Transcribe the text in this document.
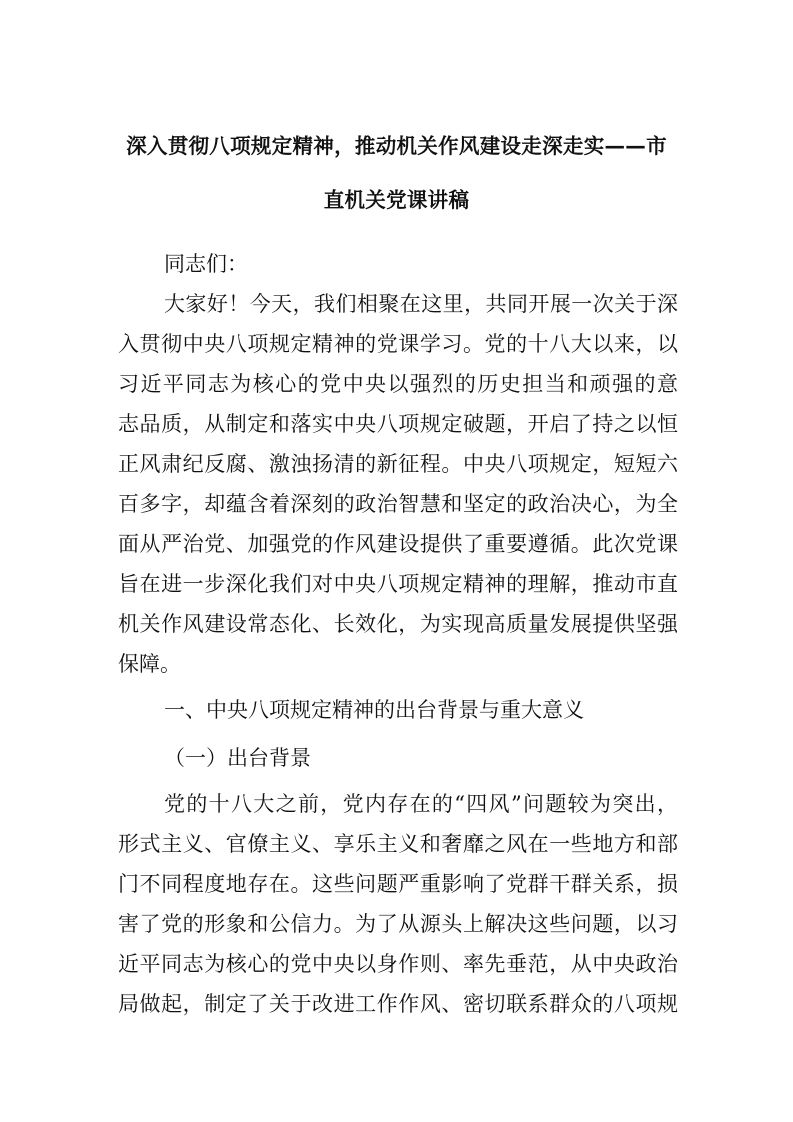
深入贯彻八项规定精神，推动机关作风建设走深走实——市
直机关党课讲稿
同志们：
大家好！今天，我们相聚在这里，共同开展一次关于深
入贯彻中央八项规定精神的党课学习。党的十八大以来，以
习近平同志为核心的党中央以强烈的历史担当和顽强的意
志品质，从制定和落实中央八项规定破题，开启了持之以恒
正风肃纪反腐、激浊扬清的新征程。中央八项规定，短短六
百多字，却蕴含着深刻的政治智慧和坚定的政治决心，为全
面从严治党、加强党的作风建设提供了重要遵循。此次党课
旨在进一步深化我们对中央八项规定精神的理解，推动市直
机关作风建设常态化、长效化，为实现高质量发展提供坚强
保障。
一、中央八项规定精神的出台背景与重大意义
（一）出台背景
党的十八大之前，党内存在的“四风”问题较为突出，
形式主义、官僚主义、享乐主义和奢靡之风在一些地方和部
门不同程度地存在。这些问题严重影响了党群干群关系，损
害了党的形象和公信力。为了从源头上解决这些问题，以习
近平同志为核心的党中央以身作则、率先垂范，从中央政治
局做起，制定了关于改进工作作风、密切联系群众的八项规
